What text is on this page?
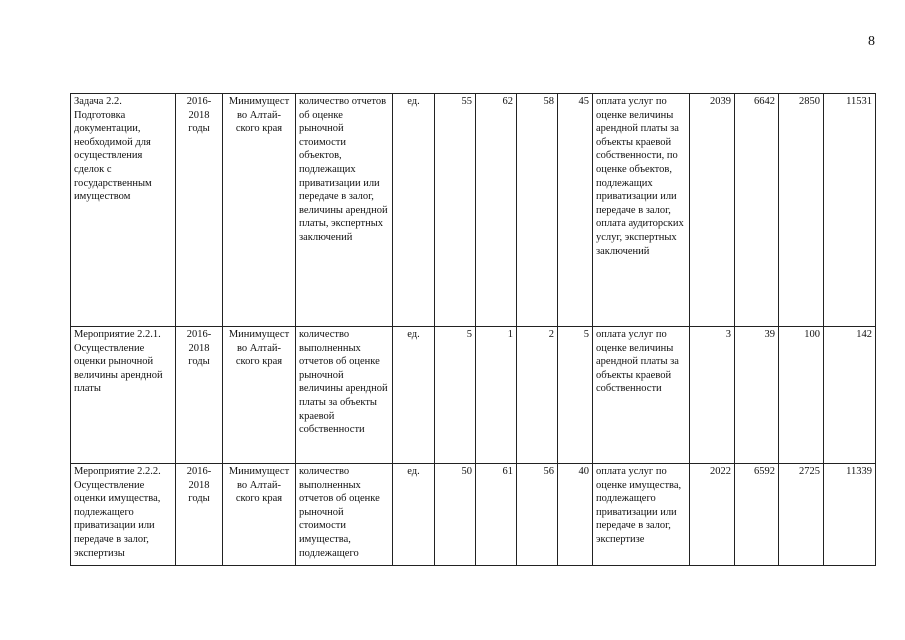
8
Задача 2.2. Подготовка документации, необходимой для осуществления сделок с государственным имуществом	2016-2018 годы	Минимущест во Алтай-ского края	количество отчетов об оценке рыночной стоимости объектов, подлежащих приватизации или передаче в залог, величины арендной платы, экспертных заключений	ед.	55	62	58	45	оплата услуг по оценке величины арендной платы за объекты краевой собственности, по оценке объектов, подлежащих приватизации или передаче в залог, оплата аудиторских услуг, экспертных заключений	2039	6642	2850	11531
Мероприятие 2.2.1. Осуществление оценки рыночной величины арендной платы	2016-2018 годы	Минимущест во Алтай-ского края	количество выполненных отчетов об оценке рыночной величины арендной платы за объекты краевой собственности	ед.	5	1	2	5	оплата услуг по оценке величины арендной платы за объекты краевой собственности	3	39	100	142
Мероприятие 2.2.2. Осуществление оценки имущества, подлежащего приватизации или передаче в залог, экспертизы	2016-2018 годы	Минимущест во Алтай-ского края	количество выполненных отчетов об оценке рыночной стоимости имущества, подлежащего	ед.	50	61	56	40	оплата услуг по оценке имущества, подлежащего приватизации или передаче в залог, экспертизе	2022	6592	2725	11339
